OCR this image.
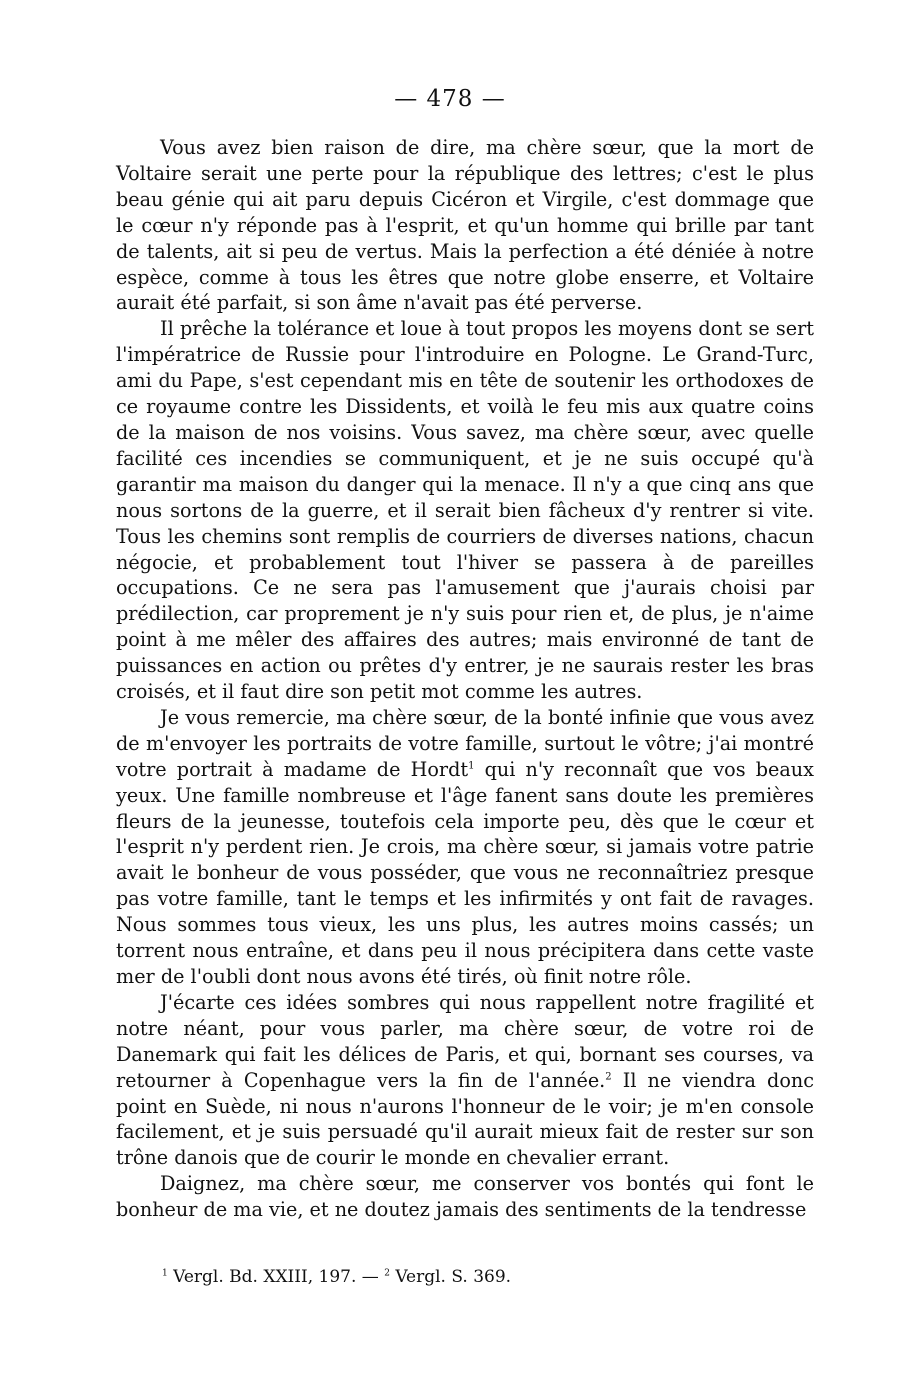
— 478 —

Vous avez bien raison de dire, ma chère sœur, que la mort de Voltaire serait une perte pour la république des lettres; c'est le plus beau génie qui ait paru depuis Cicéron et Virgile, c'est dommage que le cœur n'y réponde pas à l'esprit, et qu'un homme qui brille par tant de talents, ait si peu de vertus. Mais la perfection a été déniée à notre espèce, comme à tous les êtres que notre globe enserre, et Voltaire aurait été parfait, si son âme n'avait pas été perverse.

Il prêche la tolérance et loue à tout propos les moyens dont se sert l'impératrice de Russie pour l'introduire en Pologne. Le Grand-Turc, ami du Pape, s'est cependant mis en tête de soutenir les orthodoxes de ce royaume contre les Dissidents, et voilà le feu mis aux quatre coins de la maison de nos voisins. Vous savez, ma chère sœur, avec quelle facilité ces incendies se communiquent, et je ne suis occupé qu'à garantir ma maison du danger qui la menace. Il n'y a que cinq ans que nous sortons de la guerre, et il serait bien fâcheux d'y rentrer si vite. Tous les chemins sont remplis de courriers de diverses nations, chacun négocie, et probablement tout l'hiver se passera à de pareilles occupations. Ce ne sera pas l'amusement que j'aurais choisi par prédilection, car proprement je n'y suis pour rien et, de plus, je n'aime point à me mêler des affaires des autres; mais environné de tant de puissances en action ou prêtes d'y entrer, je ne saurais rester les bras croisés, et il faut dire son petit mot comme les autres.

Je vous remercie, ma chère sœur, de la bonté infinie que vous avez de m'envoyer les portraits de votre famille, surtout le vôtre; j'ai montré votre portrait à madame de Hordt$^1$ qui n'y reconnaît que vos beaux yeux. Une famille nombreuse et l'âge fanent sans doute les premières fleurs de la jeunesse, toutefois cela importe peu, dès que le cœur et l'esprit n'y perdent rien. Je crois, ma chère sœur, si jamais votre patrie avait le bonheur de vous posséder, que vous ne reconnaîtriez presque pas votre famille, tant le temps et les infirmités y ont fait de ravages. Nous sommes tous vieux, les uns plus, les autres moins cassés; un torrent nous entraîne, et dans peu il nous précipitera dans cette vaste mer de l'oubli dont nous avons été tirés, où finit notre rôle.

J'écarte ces idées sombres qui nous rappellent notre fragilité et notre néant, pour vous parler, ma chère sœur, de votre roi de Danemark qui fait les délices de Paris, et qui, bornant ses courses, va retourner à Copenhague vers la fin de l'année.$^2$ Il ne viendra donc point en Suède, ni nous n'aurons l'honneur de le voir; je m'en console facilement, et je suis persuadé qu'il aurait mieux fait de rester sur son trône danois que de courir le monde en chevalier errant.

Daignez, ma chère sœur, me conserver vos bontés qui font le bonheur de ma vie, et ne doutez jamais des sentiments de la tendresse

$^1$ Vergl. Bd. XXIII, 197. — $^2$ Vergl. S. 369.
